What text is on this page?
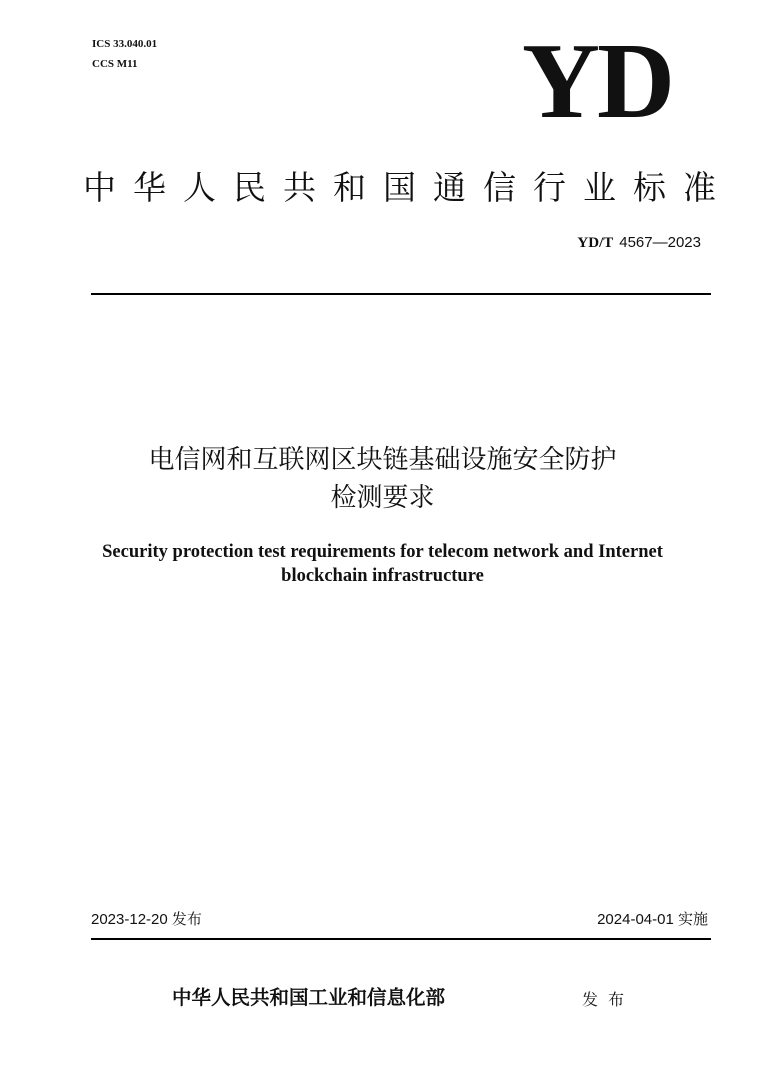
ICS 33.040.01
CCS M11	YD
中华人民共和国通信行业标准
YD/T 4567—2023
电信网和互联网区块链基础设施安全防护
检测要求
Security protection test requirements for telecom network and Internet
blockchain infrastructure
2023-12-20 发布	2024-04-01 实施
中华人民共和国工业和信息化部	发布
